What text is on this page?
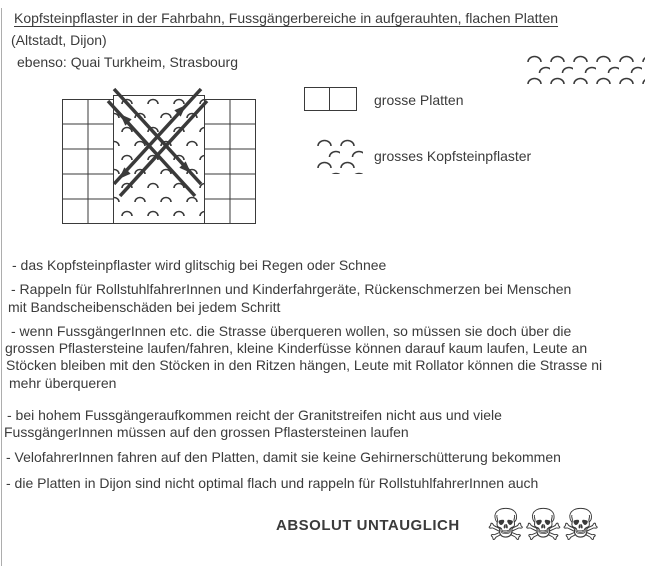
Kopfsteinpflaster in der Fahrbahn, Fussgängerbereiche in aufgerauhten, flachen Platten
(Altstadt, Dijon)
ebenso: Quai Turkheim, Strasbourg
grosse Platten
grosses Kopfsteinpflaster
- das Kopfsteinpflaster wird glitschig bei Regen oder Schnee
- Rappeln für RollstuhlfahrerInnen und Kinderfahrgeräte, Rückenschmerzen bei Menschen
mit Bandscheibenschäden bei jedem Schritt
- wenn FussgängerInnen etc. die Strasse überqueren wollen, so müssen sie doch über die
grossen Pflastersteine laufen/fahren, kleine Kinderfüsse können darauf kaum laufen, Leute an
Stöcken bleiben mit den Stöcken in den Ritzen hängen, Leute mit Rollator können die Strasse ni
mehr überqueren
- bei hohem Fussgängeraufkommen reicht der Granitstreifen nicht aus und viele
FussgängerInnen müssen auf den grossen Pflastersteinen laufen
- VelofahrerInnen fahren auf den Platten, damit sie keine Gehirnerschütterung bekommen
- die Platten in Dijon sind nicht optimal flach und rappeln für RollstuhlfahrerInnen auch
ABSOLUT UNTAUGLICH ☠☠☠
